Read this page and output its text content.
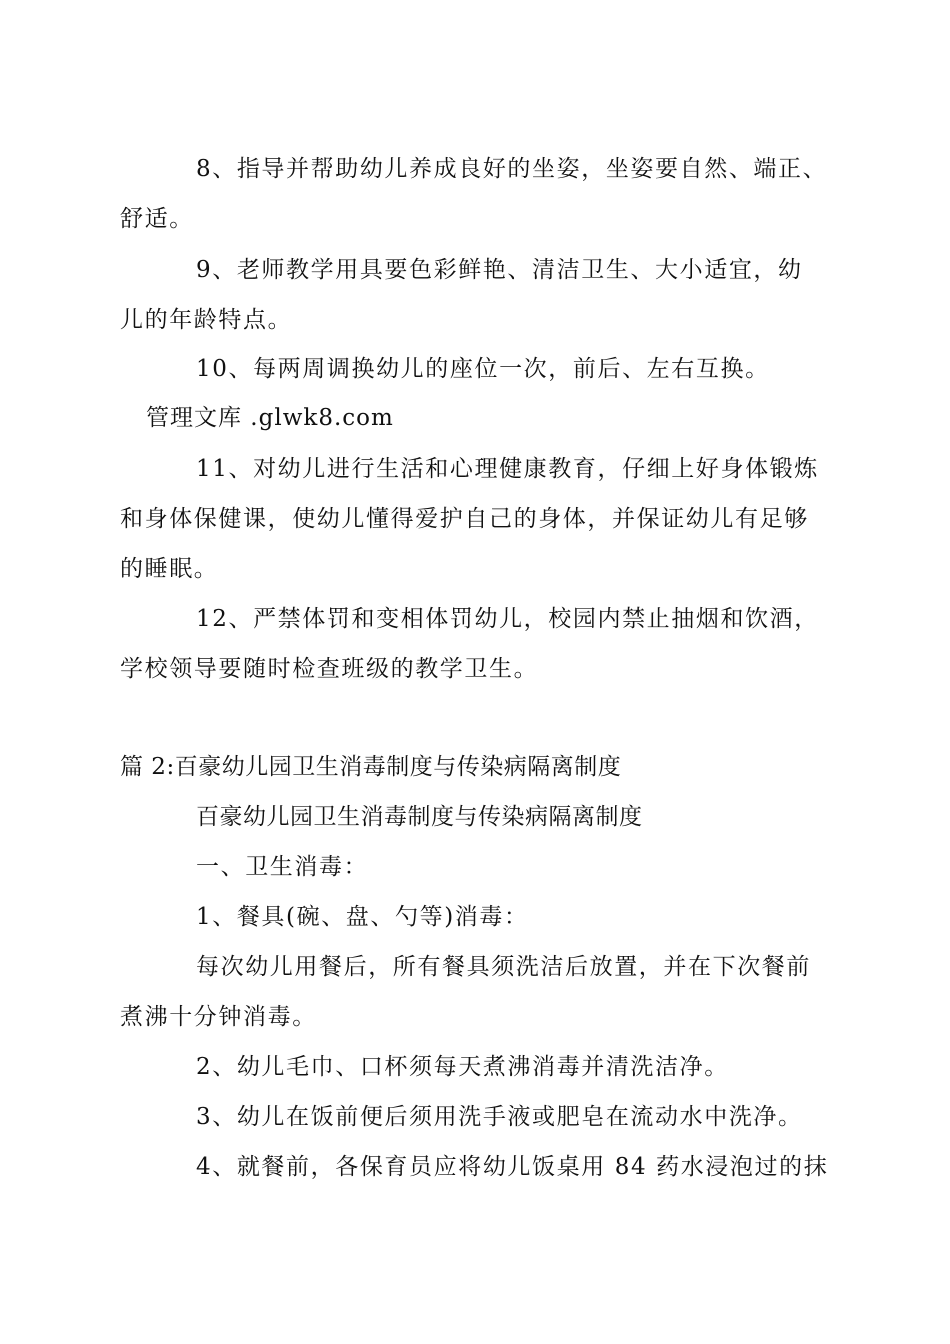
8、指导并帮助幼儿养成良好的坐姿，坐姿要自然、端正、
舒适。
9、老师教学用具要色彩鲜艳、清洁卫生、大小适宜，幼
儿的年龄特点。
10、每两周调换幼儿的座位一次，前后、左右互换。
管理文库 .glwk8.com
11、对幼儿进行生活和心理健康教育，仔细上好身体锻炼
和身体保健课，使幼儿懂得爱护自己的身体，并保证幼儿有足够
的睡眠。
12、严禁体罚和变相体罚幼儿，校园内禁止抽烟和饮酒，
学校领导要随时检查班级的教学卫生。
篇 2:百豪幼儿园卫生消毒制度与传染病隔离制度
百豪幼儿园卫生消毒制度与传染病隔离制度
一、卫生消毒：
1、餐具(碗、盘、勺等)消毒：
每次幼儿用餐后，所有餐具须洗洁后放置，并在下次餐前
煮沸十分钟消毒。
2、幼儿毛巾、口杯须每天煮沸消毒并清洗洁净。
3、幼儿在饭前便后须用洗手液或肥皂在流动水中洗净。
4、就餐前，各保育员应将幼儿饭桌用 84 药水浸泡过的抹
